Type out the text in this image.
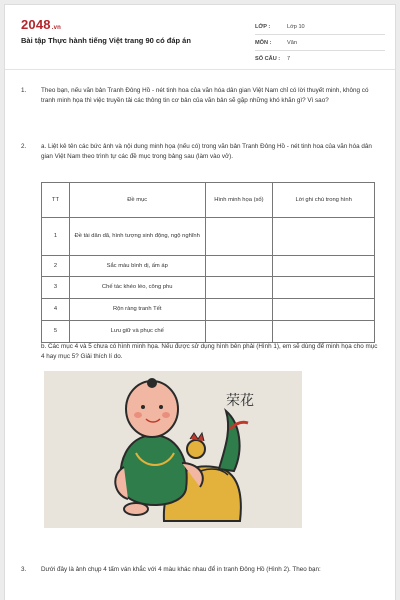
2048.vn
Bài tập Thực hành tiếng Việt trang 90 có đáp án
LỚP :	Lớp 10
MÔN :	Văn
SỐ CÂU :	7
1. Theo bạn, nếu văn bản Tranh Đông Hồ - nét tinh hoa của văn hóa dân gian Việt Nam chỉ có lời thuyết minh, không có tranh minh họa thì việc truyền tải các thông tin cơ bản của văn bản sẽ gặp những khó khăn gì? Vì sao?
2. a. Liệt kê tên các bức ảnh và nội dung minh họa (nếu có) trong văn bản Tranh Đông Hồ - nét tinh hoa của văn hóa dân gian Việt Nam theo trình tự các đề mục trong bảng sau (làm vào vở).
TT	Đề mục	Hình minh họa (số)	Lời ghi chú trong hình
1	Đề tài dân dã, hình tượng sinh động, ngộ nghĩnh		
2	Sắc màu bình dị, ấm áp		
3	Chế tác khéo léo, công phu		
4	Rộn ràng tranh Tết		
5	Lưu giữ và phục chế		
b. Các mục 4 và 5 chưa có hình minh họa. Nếu được sử dụng hình bên phải (Hình 1), em sẽ dùng để minh họa cho mục 4 hay mục 5? Giải thích lí do.
荣花
3. Dưới đây là ảnh chụp 4 tấm ván khắc với 4 màu khác nhau để in tranh Đông Hồ (Hình 2). Theo bạn:
